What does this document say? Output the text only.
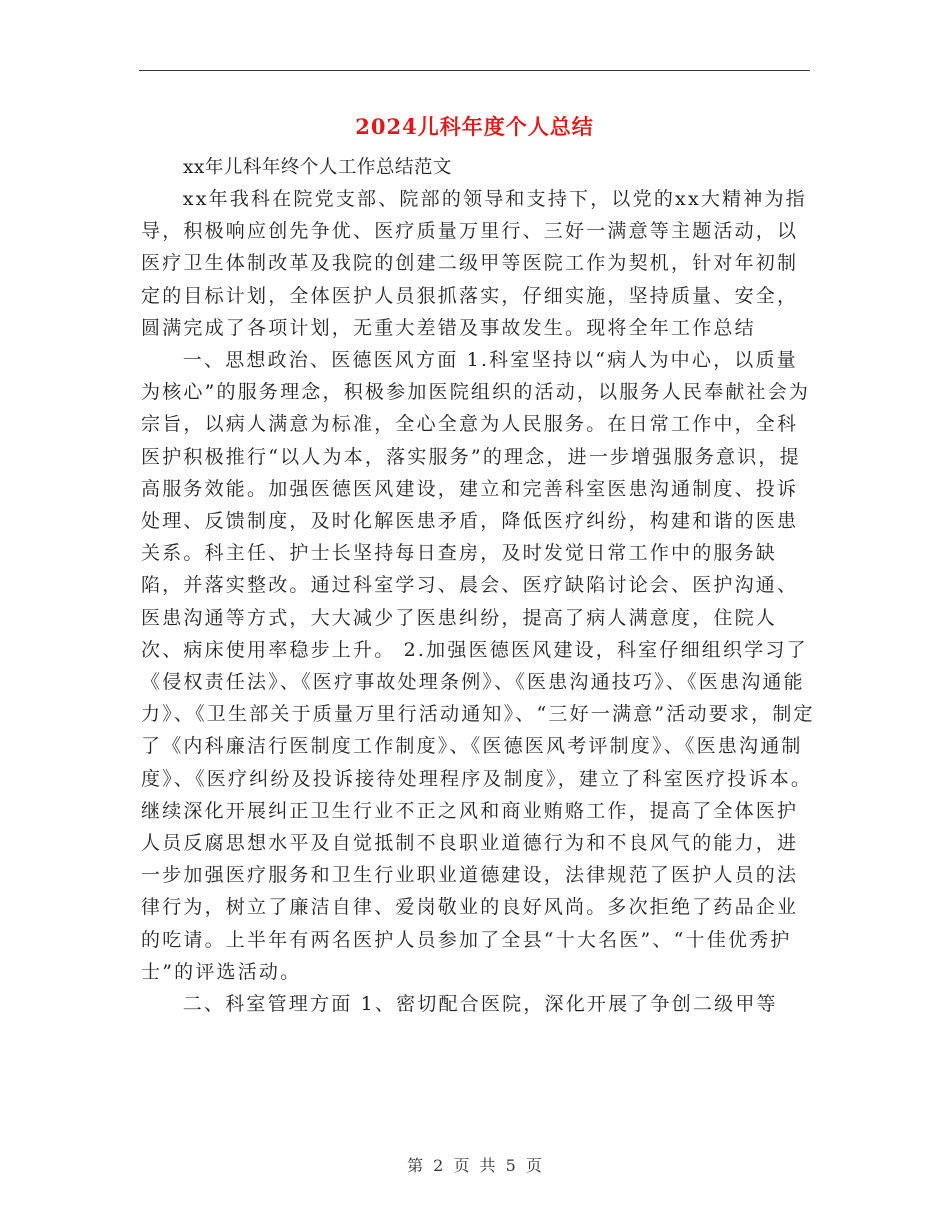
2024儿科年度个人总结
xx年儿科年终个人工作总结范文

xx年我科在院党支部、院部的领导和支持下，以党的xx大精神为指导，积极响应创先争优、医疗质量万里行、三好一满意等主题活动，以医疗卫生体制改革及我院的创建二级甲等医院工作为契机，针对年初制定的目标计划，全体医护人员狠抓落实，仔细实施，坚持质量、安全，圆满完成了各项计划，无重大差错及事故发生。现将全年工作总结

一、思想政治、医德医风方面 1.科室坚持以“病人为中心，以质量为核心”的服务理念，积极参加医院组织的活动，以服务人民奉献社会为宗旨，以病人满意为标准，全心全意为人民服务。在日常工作中，全科医护积极推行“以人为本，落实服务”的理念，进一步增强服务意识，提高服务效能。加强医德医风建设，建立和完善科室医患沟通制度、投诉处理、反馈制度，及时化解医患矛盾，降低医疗纠纷，构建和谐的医患关系。科主任、护士长坚持每日查房，及时发觉日常工作中的服务缺陷，并落实整改。通过科室学习、晨会、医疗缺陷讨论会、医护沟通、医患沟通等方式，大大减少了医患纠纷，提高了病人满意度，住院人次、病床使用率稳步上升。 2.加强医德医风建设，科室仔细组织学习了《侵权责任法》、《医疗事故处理条例》、《医患沟通技巧》、《医患沟通能力》、《卫生部关于质量万里行活动通知》、“三好一满意”活动要求，制定了《内科廉洁行医制度工作制度》、《医德医风考评制度》、《医患沟通制度》、《医疗纠纷及投诉接待处理程序及制度》，建立了科室医疗投诉本。继续深化开展纠正卫生行业不正之风和商业贿赂工作，提高了全体医护人员反腐思想水平及自觉抵制不良职业道德行为和不良风气的能力，进一步加强医疗服务和卫生行业职业道德建设，法律规范了医护人员的法律行为，树立了廉洁自律、爱岗敬业的良好风尚。多次拒绝了药品企业的吃请。上半年有两名医护人员参加了全县“十大名医”、“十佳优秀护士”的评选活动。

二、科室管理方面 1、密切配合医院，深化开展了争创二级甲等

第 2 页 共 5 页
